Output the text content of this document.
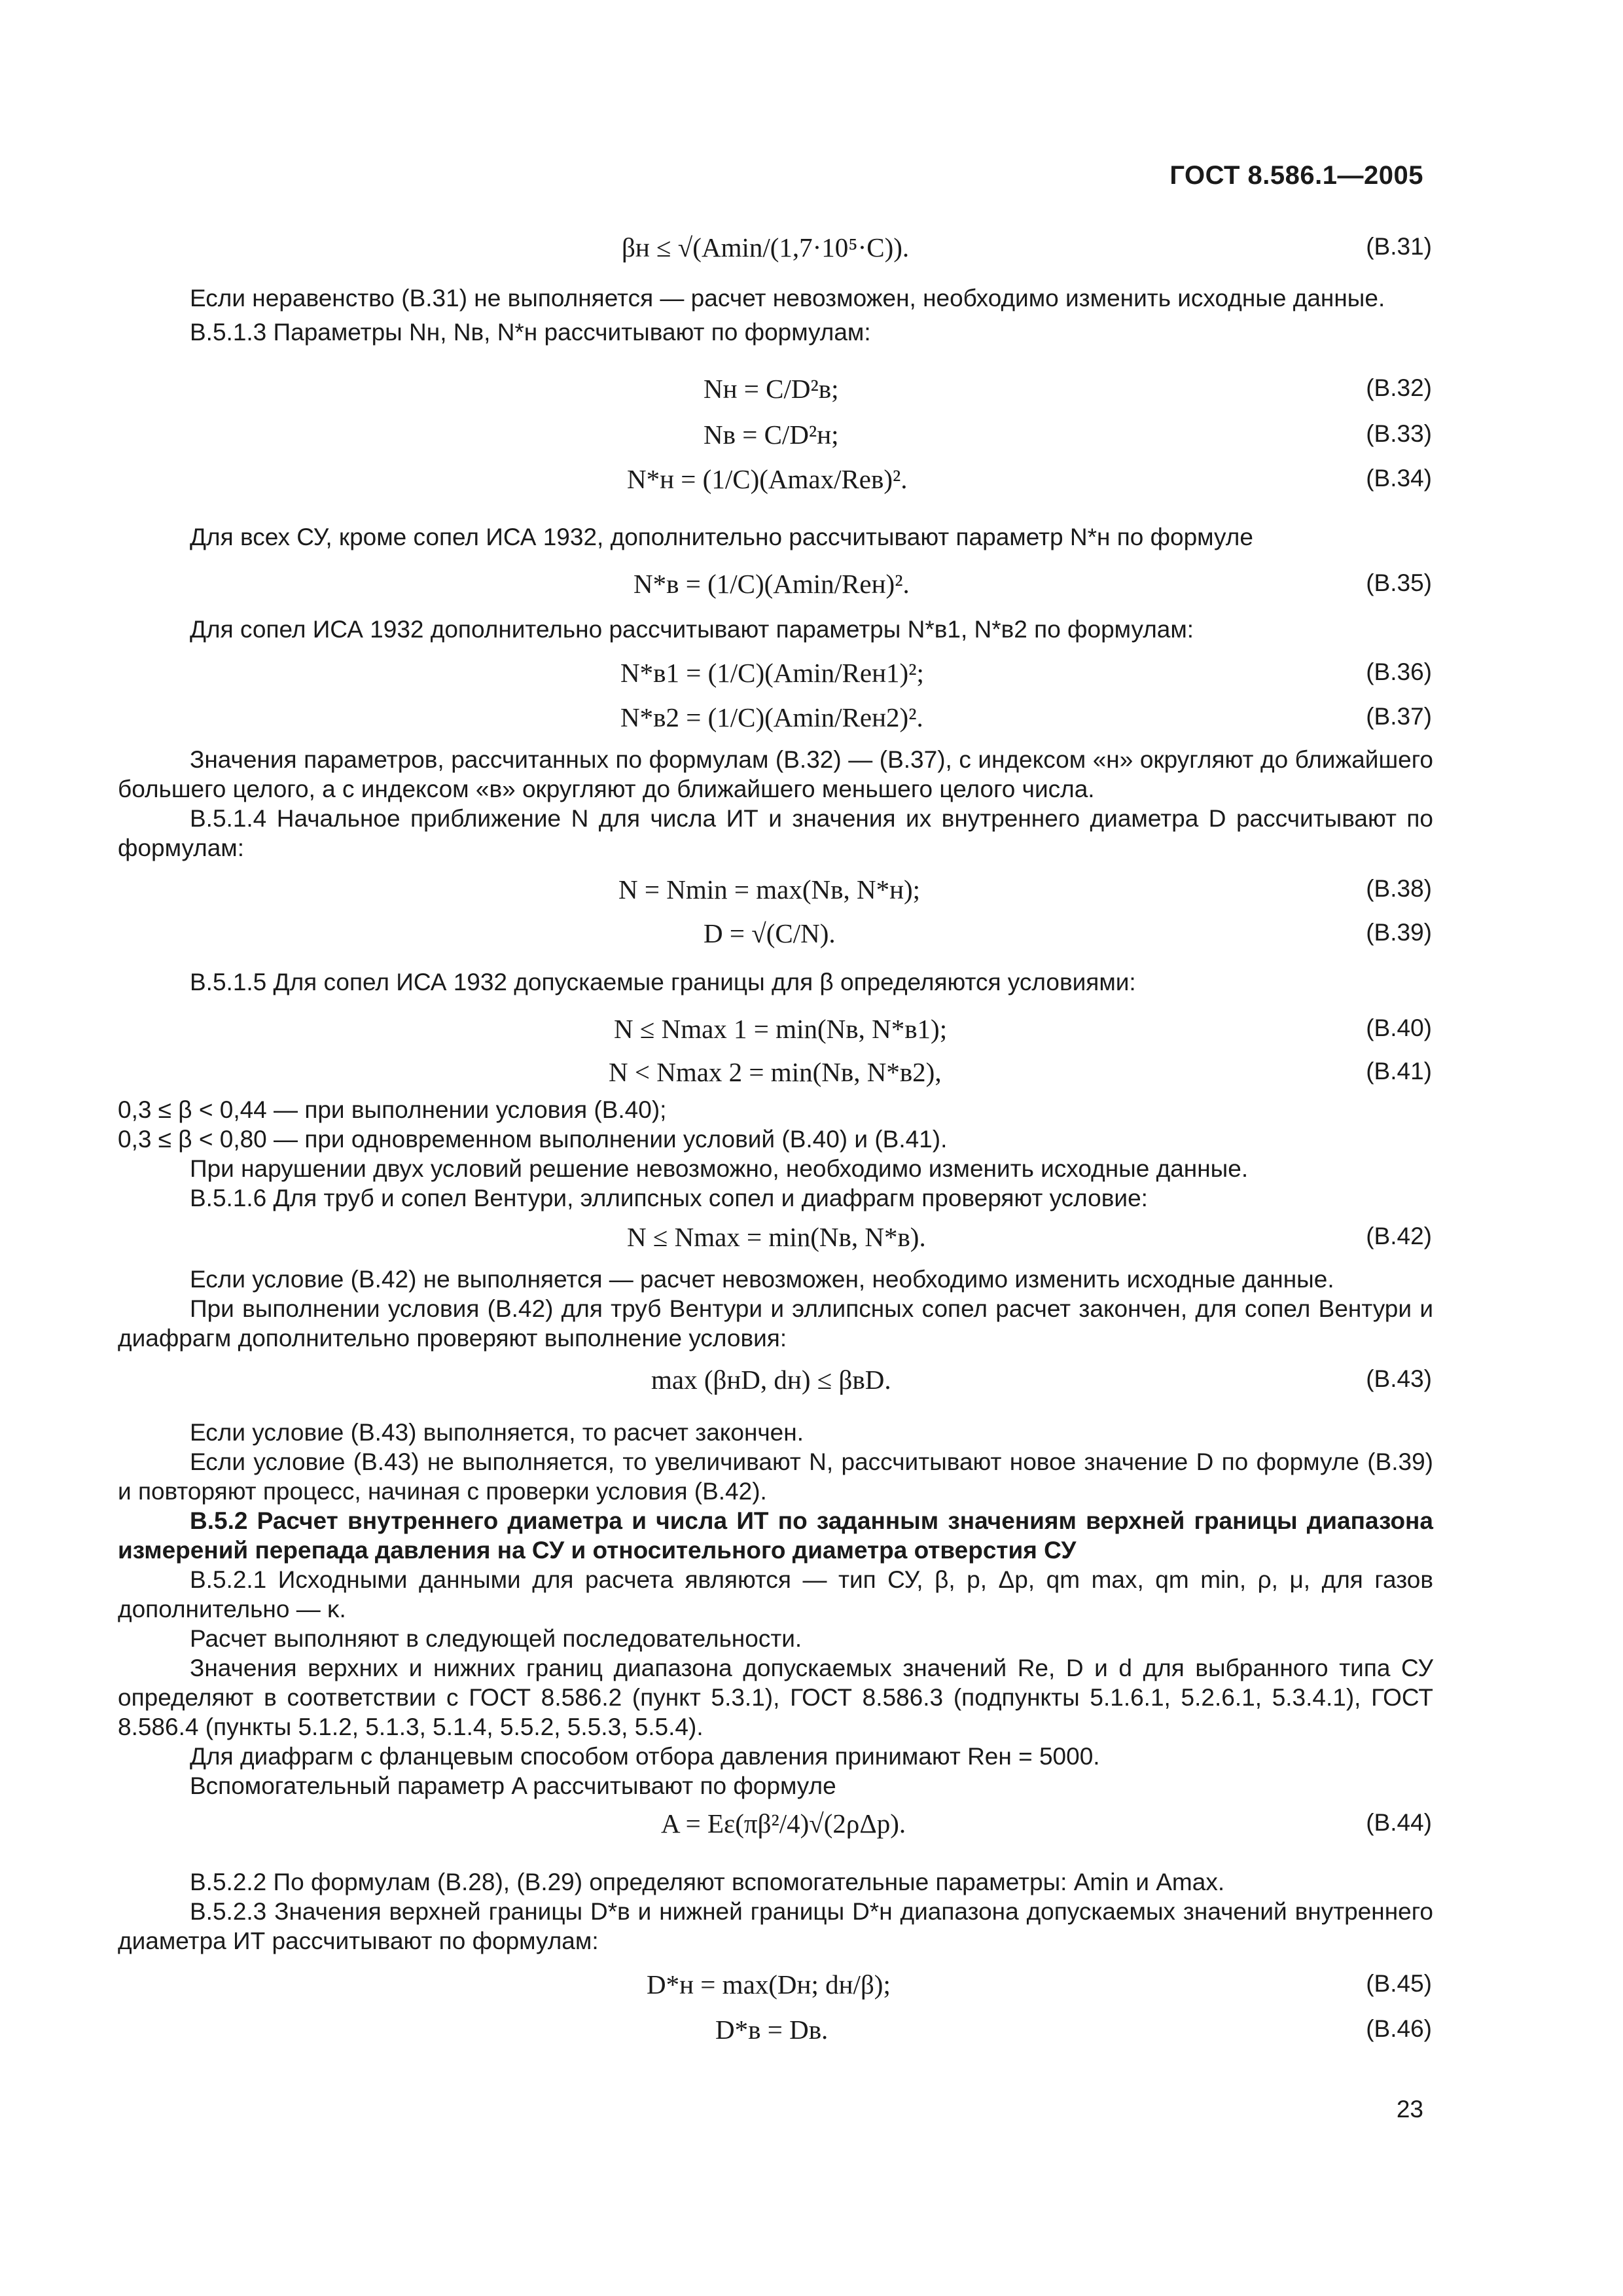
ГОСТ 8.586.1—2005
βн ≤ √(Amin/(1,7·10⁵·C)).	(В.31)
Если неравенство (В.31) не выполняется — расчет невозможен, необходимо изменить исходные данные.
В.5.1.3 Параметры Nн, Nв, N*н рассчитывают по формулам:
Nн = C/D²в;	(В.32)
Nв = C/D²н;	(В.33)
N*н = (1/C)(Amax/Reв)².	(В.34)
Для всех СУ, кроме сопел ИСА 1932, дополнительно рассчитывают параметр N*н по формуле
N*в = (1/C)(Amin/Reн)².	(В.35)
Для сопел ИСА 1932 дополнительно рассчитывают параметры N*в1, N*в2 по формулам:
N*в1 = (1/C)(Amin/Reн1)²;	(В.36)
N*в2 = (1/C)(Amin/Reн2)².	(В.37)
Значения параметров, рассчитанных по формулам (В.32) — (В.37), с индексом «н» округляют до ближайшего большего целого, а с индексом «в» округляют до ближайшего меньшего целого числа.
В.5.1.4 Начальное приближение N для числа ИТ и значения их внутреннего диаметра D рассчитывают по формулам:
N = Nmin = max(Nв, N*н);	(В.38)
D = √(C/N).	(В.39)
В.5.1.5 Для сопел ИСА 1932 допускаемые границы для β определяются условиями:
N ≤ Nmax 1 = min(Nв, N*в1);	(В.40)
N < Nmax 2 = min(Nв, N*в2),	(В.41)
0,3 ≤ β < 0,44 — при выполнении условия (В.40);
0,3 ≤ β < 0,80 — при одновременном выполнении условий (В.40) и (В.41).
При нарушении двух условий решение невозможно, необходимо изменить исходные данные.
В.5.1.6 Для труб и сопел Вентури, эллипсных сопел и диафрагм проверяют условие:
N ≤ Nmax = min(Nв, N*в).	(В.42)
Если условие (В.42) не выполняется — расчет невозможен, необходимо изменить исходные данные.
При выполнении условия (В.42) для труб Вентури и эллипсных сопел расчет закончен, для сопел Вентури и диафрагм дополнительно проверяют выполнение условия:
max (βнD, dн) ≤ βвD.	(В.43)
Если условие (В.43) выполняется, то расчет закончен.
Если условие (В.43) не выполняется, то увеличивают N, рассчитывают новое значение D по формуле (В.39) и повторяют процесс, начиная с проверки условия (В.42).
В.5.2 Расчет внутреннего диаметра и числа ИТ по заданным значениям верхней границы диапазона измерений перепада давления на СУ и относительного диаметра отверстия СУ
В.5.2.1 Исходными данными для расчета являются — тип СУ, β, p, Δp, qm max, qm min, ρ, μ, для газов дополнительно — κ.
Расчет выполняют в следующей последовательности.
Значения верхних и нижних границ диапазона допускаемых значений Re, D и d для выбранного типа СУ определяют в соответствии с ГОСТ 8.586.2 (пункт 5.3.1), ГОСТ 8.586.3 (подпункты 5.1.6.1, 5.2.6.1, 5.3.4.1), ГОСТ 8.586.4 (пункты 5.1.2, 5.1.3, 5.1.4, 5.5.2, 5.5.3, 5.5.4).
Для диафрагм с фланцевым способом отбора давления принимают Reн = 5000.
Вспомогательный параметр A рассчитывают по формуле
A = Eε(πβ²/4)√(2ρΔp).	(В.44)
В.5.2.2 По формулам (В.28), (В.29) определяют вспомогательные параметры: Amin и Amax.
В.5.2.3 Значения верхней границы D*в и нижней границы D*н диапазона допускаемых значений внутреннего диаметра ИТ рассчитывают по формулам:
D*н = max(Dн; dн/β);	(В.45)
D*в = Dв.	(В.46)
23
